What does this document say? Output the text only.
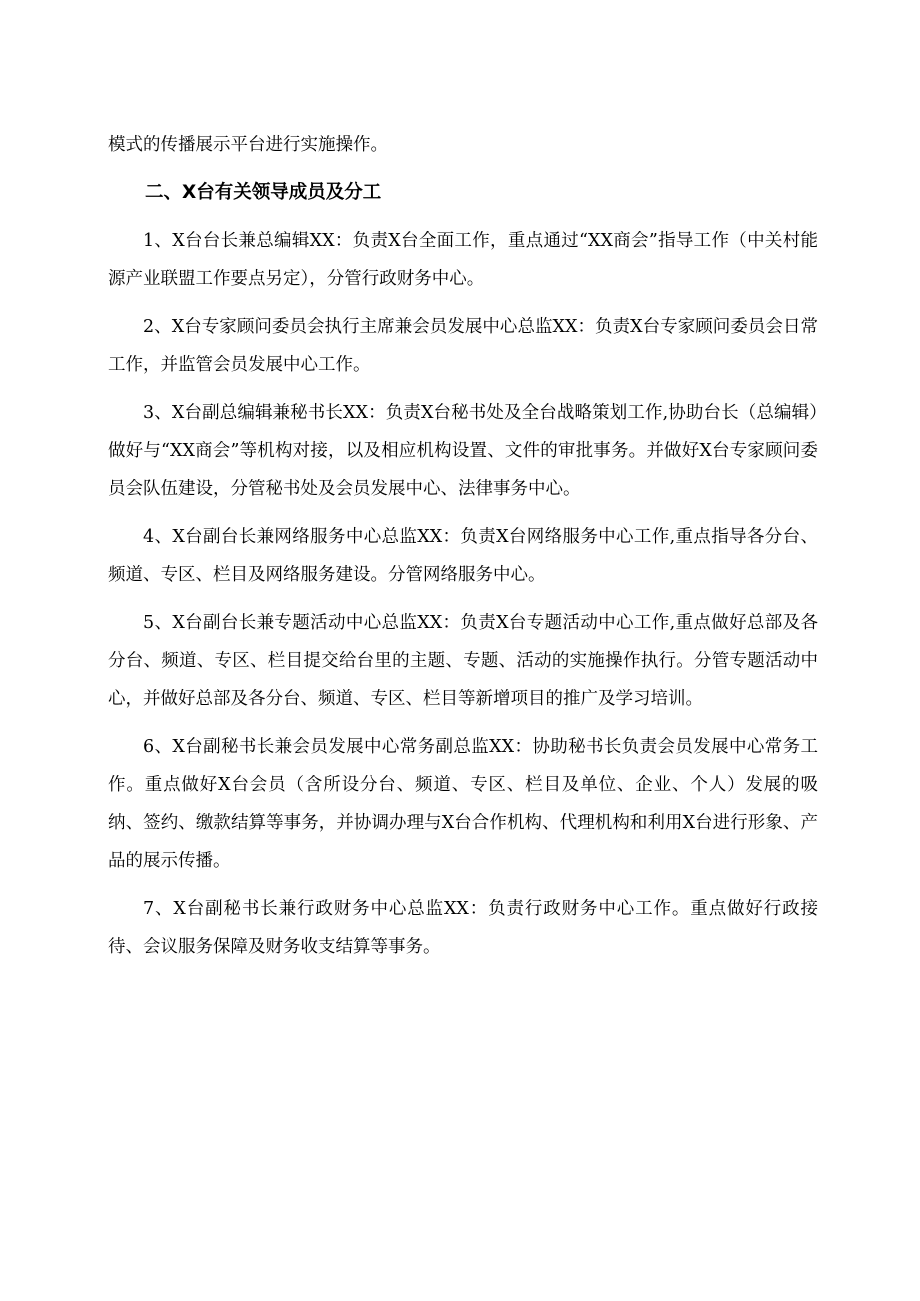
模式的传播展示平台进行实施操作。

二、X台有关领导成员及分工

1、X台台长兼总编辑XX：负责X台全面工作，重点通过“XX商会”指导工作（中关村能源产业联盟工作要点另定），分管行政财务中心。

2、X台专家顾问委员会执行主席兼会员发展中心总监XX：负责X台专家顾问委员会日常工作，并监管会员发展中心工作。

3、X台副总编辑兼秘书长XX：负责X台秘书处及全台战略策划工作,协助台长（总编辑）做好与“XX商会”等机构对接，以及相应机构设置、文件的审批事务。并做好X台专家顾问委员会队伍建设，分管秘书处及会员发展中心、法律事务中心。

4、X台副台长兼网络服务中心总监XX：负责X台网络服务中心工作,重点指导各分台、频道、专区、栏目及网络服务建设。分管网络服务中心。

5、X台副台长兼专题活动中心总监XX：负责X台专题活动中心工作,重点做好总部及各分台、频道、专区、栏目提交给台里的主题、专题、活动的实施操作执行。分管专题活动中心，并做好总部及各分台、频道、专区、栏目等新增项目的推广及学习培训。

6、X台副秘书长兼会员发展中心常务副总监XX：协助秘书长负责会员发展中心常务工作。重点做好X台会员（含所设分台、频道、专区、栏目及单位、企业、个人）发展的吸纳、签约、缴款结算等事务，并协调办理与X台合作机构、代理机构和利用X台进行形象、产品的展示传播。

7、X台副秘书长兼行政财务中心总监XX：负责行政财务中心工作。重点做好行政接待、会议服务保障及财务收支结算等事务。
